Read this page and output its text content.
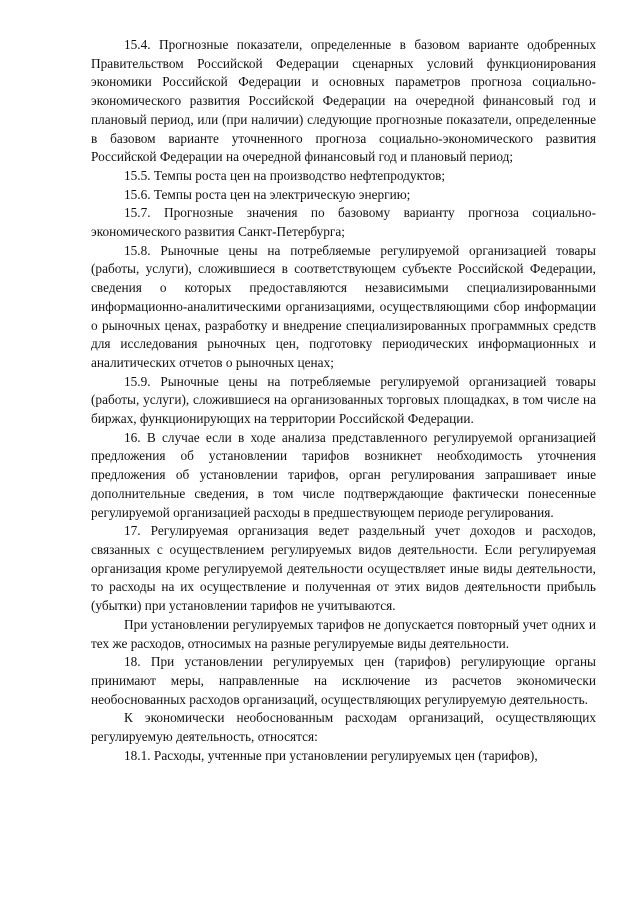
15.4. Прогнозные показатели, определенные в базовом варианте одобренных Правительством Российской Федерации сценарных условий функционирования экономики Российской Федерации и основных параметров прогноза социально-экономического развития Российской Федерации на очередной финансовый год и плановый период, или (при наличии) следующие прогнозные показатели, определенные в базовом варианте уточненного прогноза социально-экономического развития Российской Федерации на очередной финансовый год и плановый период;

15.5. Темпы роста цен на производство нефтепродуктов;

15.6. Темпы роста цен на электрическую энергию;

15.7. Прогнозные значения по базовому варианту прогноза социально-экономического развития Санкт-Петербурга;

15.8. Рыночные цены на потребляемые регулируемой организацией товары (работы, услуги), сложившиеся в соответствующем субъекте Российской Федерации, сведения о которых предоставляются независимыми специализированными информационно-аналитическими организациями, осуществляющими сбор информации о рыночных ценах, разработку и внедрение специализированных программных средств для исследования рыночных цен, подготовку периодических информационных и аналитических отчетов о рыночных ценах;

15.9. Рыночные цены на потребляемые регулируемой организацией товары (работы, услуги), сложившиеся на организованных торговых площадках, в том числе на биржах, функционирующих на территории Российской Федерации.

16. В случае если в ходе анализа представленного регулируемой организацией предложения об установлении тарифов возникнет необходимость уточнения предложения об установлении тарифов, орган регулирования запрашивает иные дополнительные сведения, в том числе подтверждающие фактически понесенные регулируемой организацией расходы в предшествующем периоде регулирования.

17. Регулируемая организация ведет раздельный учет доходов и расходов, связанных с осуществлением регулируемых видов деятельности. Если регулируемая организация кроме регулируемой деятельности осуществляет иные виды деятельности, то расходы на их осуществление и полученная от этих видов деятельности прибыль (убытки) при установлении тарифов не учитываются.

При установлении регулируемых тарифов не допускается повторный учет одних и тех же расходов, относимых на разные регулируемые виды деятельности.

18. При установлении регулируемых цен (тарифов) регулирующие органы принимают меры, направленные на исключение из расчетов экономически необоснованных расходов организаций, осуществляющих регулируемую деятельность.

К экономически необоснованным расходам организаций, осуществляющих регулируемую деятельность, относятся:

18.1. Расходы, учтенные при установлении регулируемых цен (тарифов),
